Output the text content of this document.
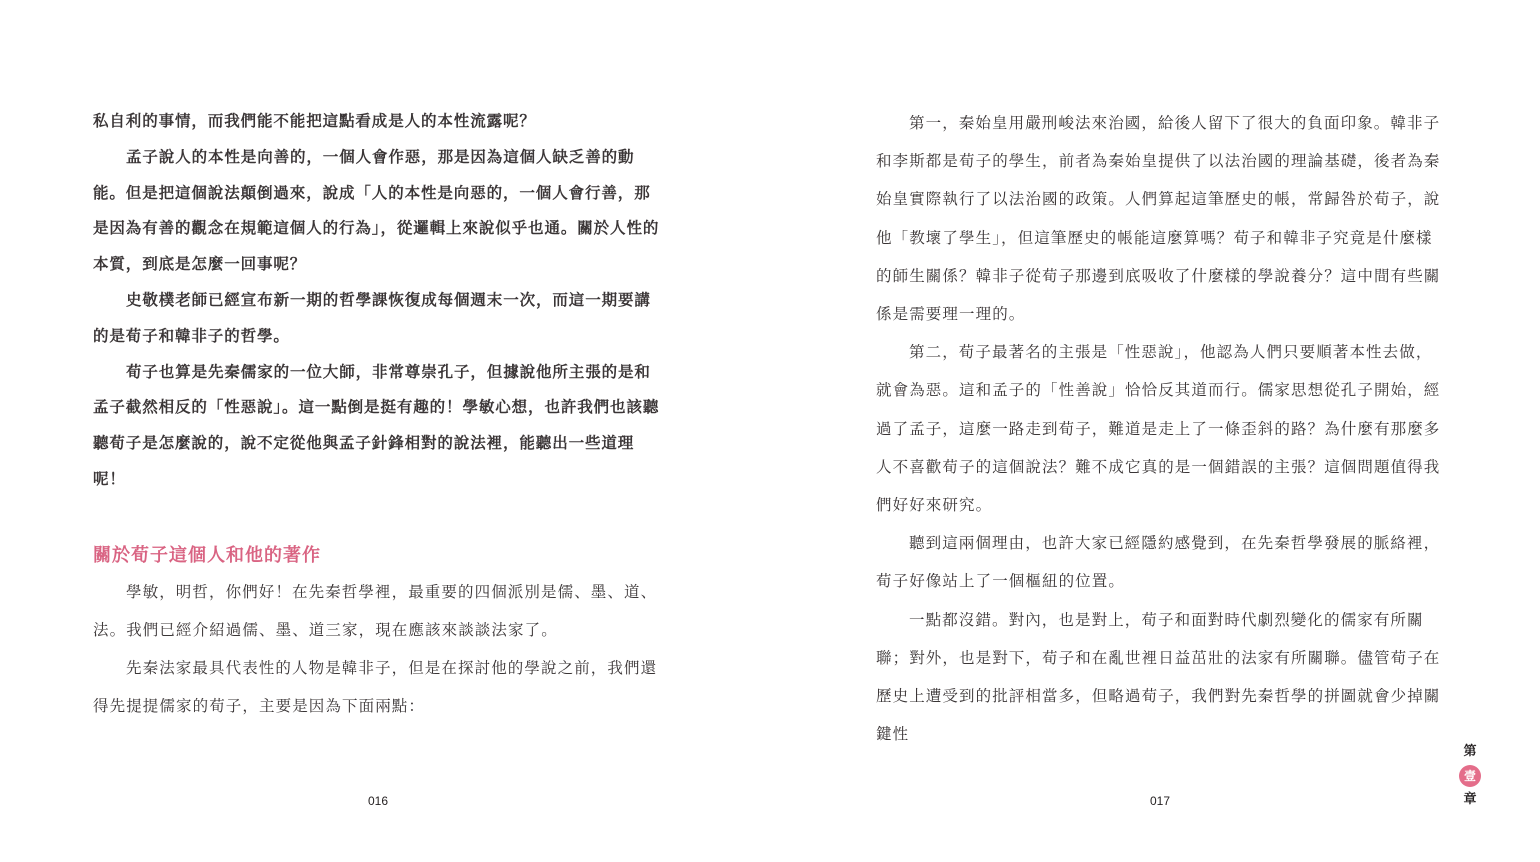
私自利的事情，而我們能不能把這點看成是人的本性流露呢？

孟子說人的本性是向善的，一個人會作惡，那是因為這個人缺乏善的動能。但是把這個說法顛倒過來，說成「人的本性是向惡的，一個人會行善，那是因為有善的觀念在規範這個人的行為」，從邏輯上來說似乎也通。關於人性的本質，到底是怎麼一回事呢？

史敬樸老師已經宣布新一期的哲學課恢復成每個週末一次，而這一期要講的是荀子和韓非子的哲學。

荀子也算是先秦儒家的一位大師，非常尊崇孔子，但據說他所主張的是和孟子截然相反的「性惡說」。這一點倒是挺有趣的！學敏心想，也許我們也該聽聽荀子是怎麼說的，說不定從他與孟子針鋒相對的說法裡，能聽出一些道理呢！

關於荀子這個人和他的著作

學敏，明哲，你們好！在先秦哲學裡，最重要的四個派別是儒、墨、道、法。我們已經介紹過儒、墨、道三家，現在應該來談談法家了。

先秦法家最具代表性的人物是韓非子，但是在探討他的學說之前，我們還得先提提儒家的荀子，主要是因為下面兩點：

016

第一，秦始皇用嚴刑峻法來治國，給後人留下了很大的負面印象。韓非子和李斯都是荀子的學生，前者為秦始皇提供了以法治國的理論基礎，後者為秦始皇實際執行了以法治國的政策。人們算起這筆歷史的帳，常歸咎於荀子，說他「教壞了學生」，但這筆歷史的帳能這麼算嗎？荀子和韓非子究竟是什麼樣的師生關係？韓非子從荀子那邊到底吸收了什麼樣的學說養分？這中間有些關係是需要理一理的。

第二，荀子最著名的主張是「性惡說」，他認為人們只要順著本性去做，就會為惡。這和孟子的「性善說」恰恰反其道而行。儒家思想從孔子開始，經過了孟子，這麼一路走到荀子，難道是走上了一條歪斜的路？為什麼有那麼多人不喜歡荀子的這個說法？難不成它真的是一個錯誤的主張？這個問題值得我們好好來研究。

聽到這兩個理由，也許大家已經隱約感覺到，在先秦哲學發展的脈絡裡，荀子好像站上了一個樞紐的位置。

一點都沒錯。對內，也是對上，荀子和面對時代劇烈變化的儒家有所關聯；對外，也是對下，荀子和在亂世裡日益茁壯的法家有所關聯。儘管荀子在歷史上遭受到的批評相當多，但略過荀子，我們對先秦哲學的拼圖就會少掉關鍵性

017
第
壹
章
